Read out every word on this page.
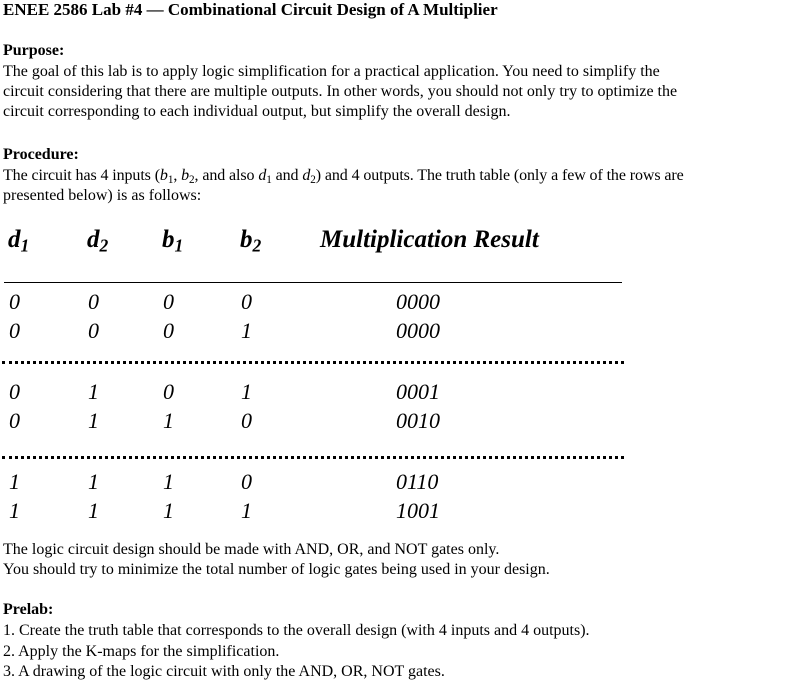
ENEE 2586 Lab #4 — Combinational Circuit Design of A Multiplier
Purpose:
The goal of this lab is to apply logic simplification for a practical application. You need to simplify the
circuit considering that there are multiple outputs. In other words, you should not only try to optimize the
circuit corresponding to each individual output, but simplify the overall design.
Procedure:
The circuit has 4 inputs ($b_1$, $b_2$, and also $d_1$ and $d_2$) and 4 outputs. The truth table (only a few of the rows are
presented below) is as follows:
$d_1$ $d_2$ $b_1$ $b_2$ Multiplication Result
0	0	0	0	0000
0	0	0	1	0000
0	1	0	1	0001
0	1	1	0	0010
1	1	1	0	0110
1	1	1	1	1001
The logic circuit design should be made with AND, OR, and NOT gates only.
You should try to minimize the total number of logic gates being used in your design.
Prelab:
1. Create the truth table that corresponds to the overall design (with 4 inputs and 4 outputs).
2. Apply the K-maps for the simplification.
3. A drawing of the logic circuit with only the AND, OR, NOT gates.
